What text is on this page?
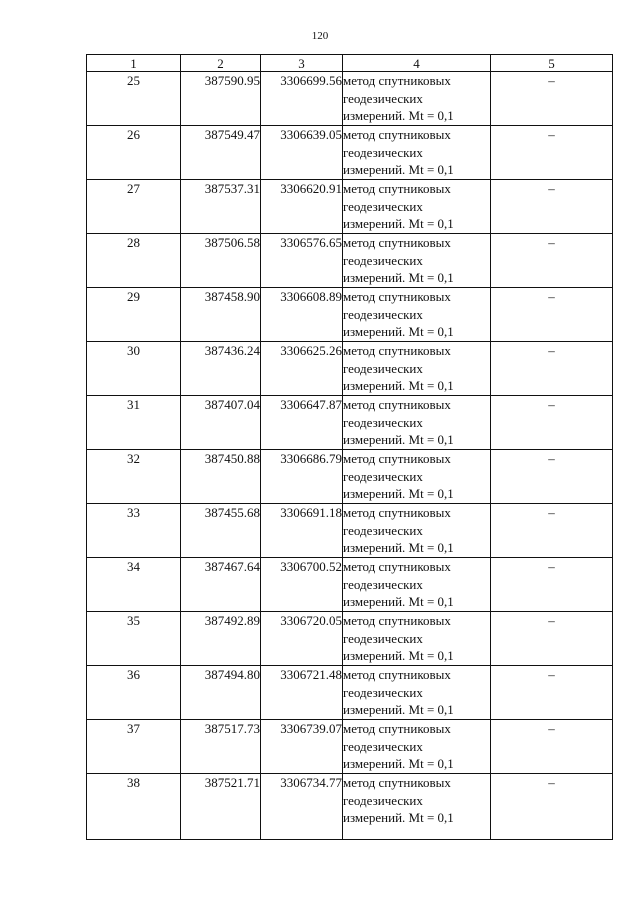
120
1	2	3	4	5
25	387590.95	3306699.56	метод спутниковых
геодезических
измерений. Mt = 0,1	–
26	387549.47	3306639.05	метод спутниковых
геодезических
измерений. Mt = 0,1	–
27	387537.31	3306620.91	метод спутниковых
геодезических
измерений. Mt = 0,1	–
28	387506.58	3306576.65	метод спутниковых
геодезических
измерений. Mt = 0,1	–
29	387458.90	3306608.89	метод спутниковых
геодезических
измерений. Mt = 0,1	–
30	387436.24	3306625.26	метод спутниковых
геодезических
измерений. Mt = 0,1	–
31	387407.04	3306647.87	метод спутниковых
геодезических
измерений. Mt = 0,1	–
32	387450.88	3306686.79	метод спутниковых
геодезических
измерений. Mt = 0,1	–
33	387455.68	3306691.18	метод спутниковых
геодезических
измерений. Mt = 0,1	–
34	387467.64	3306700.52	метод спутниковых
геодезических
измерений. Mt = 0,1	–
35	387492.89	3306720.05	метод спутниковых
геодезических
измерений. Mt = 0,1	–
36	387494.80	3306721.48	метод спутниковых
геодезических
измерений. Mt = 0,1	–
37	387517.73	3306739.07	метод спутниковых
геодезических
измерений. Mt = 0,1	–
38	387521.71	3306734.77	метод спутниковых
геодезических
измерений. Mt = 0,1	–
